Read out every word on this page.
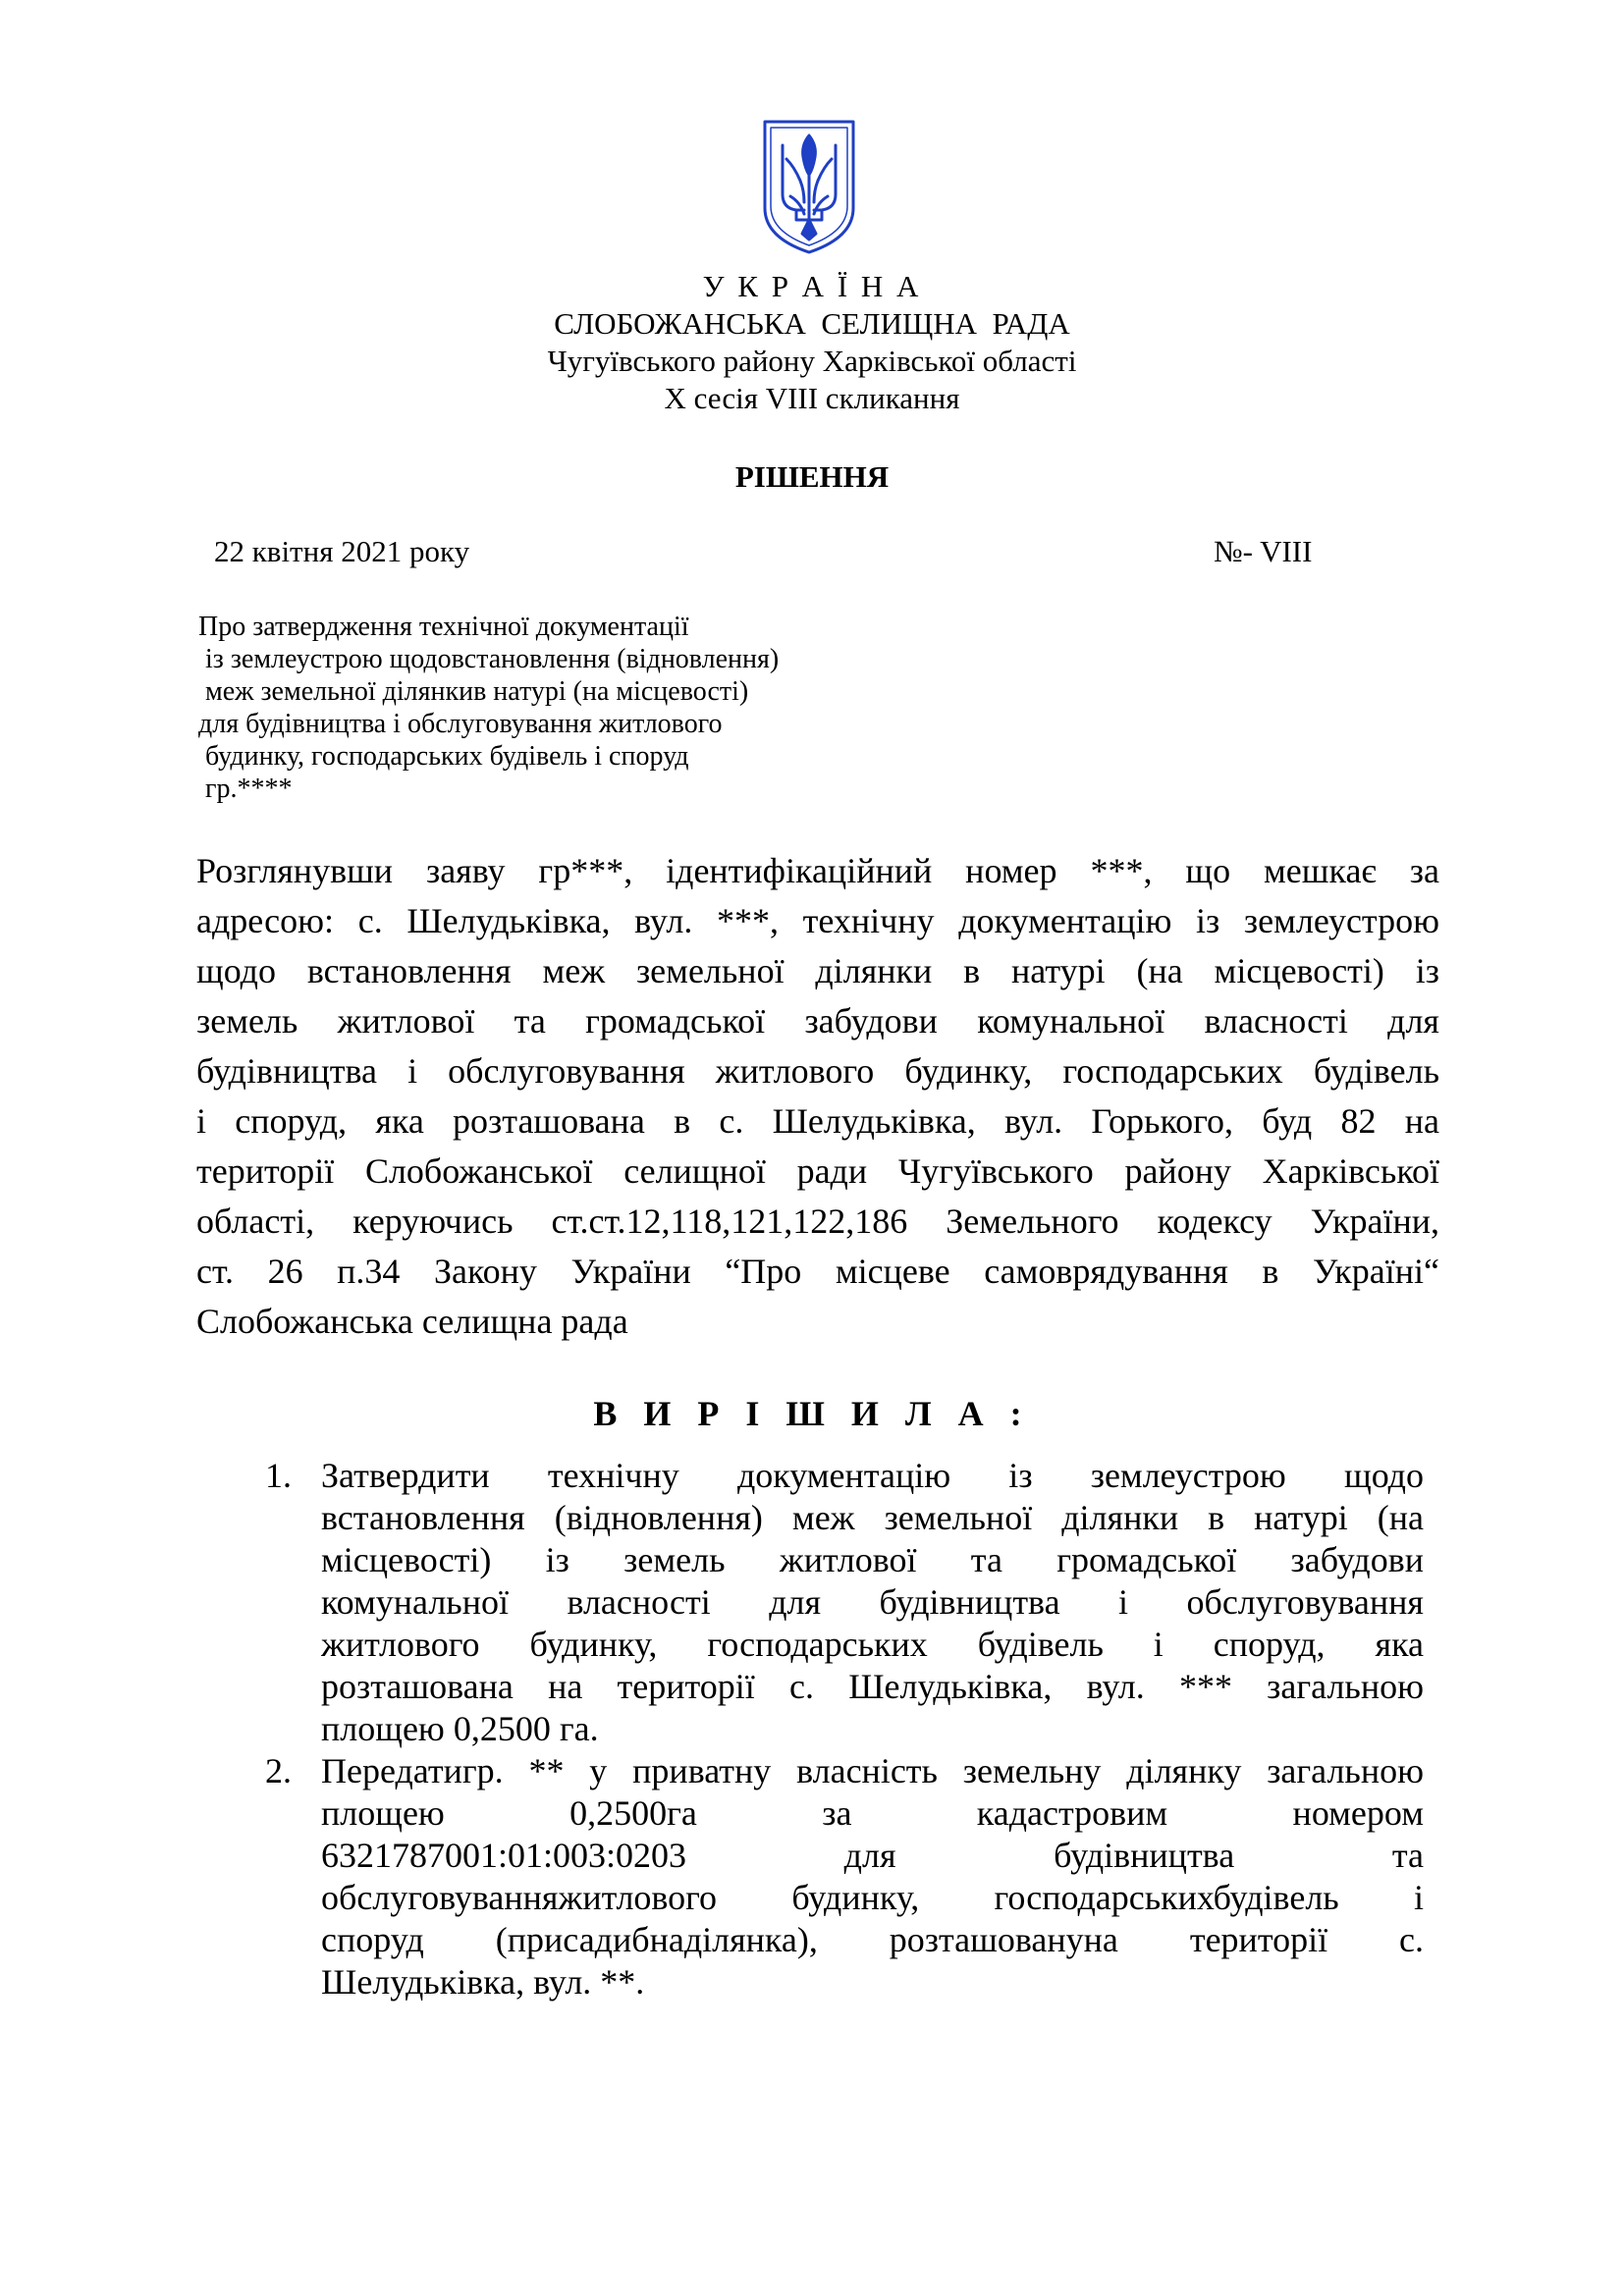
У К Р А Ї Н А
СЛОБОЖАНСЬКА  СЕЛИЩНА  РАДА
Чугуївського району Харківської області
Х сесія VIII скликання
РІШЕННЯ
22 квітня 2021 року	№- VIII
Про затвердження технічної документації
із землеустрою щодовстановлення (відновлення)
меж земельної ділянкив натурі (на місцевості)
для будівництва і обслуговування житлового
будинку, господарських будівель і споруд
гр.****
Розглянувши заяву гр***, ідентифікаційний номер ***, що мешкає за
адресою: с. Шелудьківка, вул. ***, технічну документацію із землеустрою
щодо встановлення меж земельної ділянки в натурі (на місцевості) із
земель житлової та громадської забудови комунальної власності для
будівництва і обслуговування житлового будинку, господарських будівель
і споруд, яка розташована в с. Шелудьківка, вул. Горького, буд 82 на
території Слобожанської селищної ради Чугуївського району Харківської
області, керуючись ст.ст.12,118,121,122,186 Земельного кодексу України,
ст. 26 п.34 Закону України “Про місцеве самоврядування в Україні“
Слобожанська селищна рада
В И Р І Ш И Л А :
1. Затвердити технічну документацію із землеустрою щодо
встановлення (відновлення) меж земельної ділянки в натурі (на
місцевості) із земель житлової та громадської забудови
комунальної власності для будівництва і обслуговування
житлового будинку, господарських будівель і споруд, яка
розташована на території с. Шелудьківка, вул. *** загальною
площею 0,2500 га.
2. Передатигр. ** у приватну власність земельну ділянку загальною
площею 0,2500га за кадастровим номером
6321787001:01:003:0203 для будівництва та
обслуговуванняжитлового будинку, господарськихбудівель і
споруд (присадибнаділянка), розташовануна території с.
Шелудьківка, вул. **.
